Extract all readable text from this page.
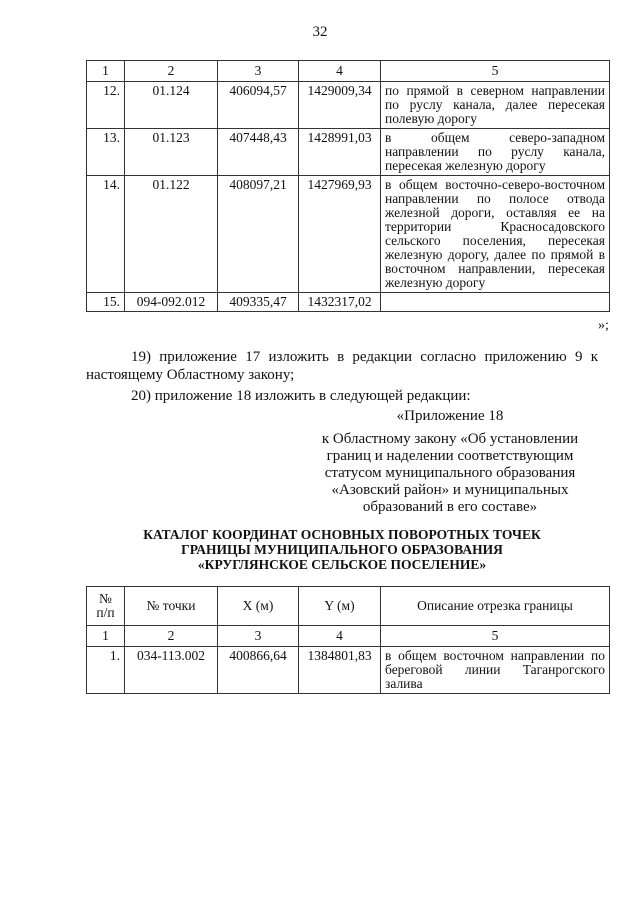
32
1	2	3	4	5
12.	01.124	406094,57	1429009,34	по прямой в северном направлении по руслу канала, далее пересекая полевую дорогу
13.	01.123	407448,43	1428991,03	в общем северо-западном направлении по руслу канала, пересекая железную дорогу
14.	01.122	408097,21	1427969,93	в общем восточно-северо-восточном направлении по полосе отвода железной дороги, оставляя ее на территории Красносадовского сельского поселения, пересекая железную дорогу, далее по прямой в восточном направлении, пересекая железную дорогу
15.	094-092.012	409335,47	1432317,02	
»;
19) приложение 17 изложить в редакции согласно приложению 9 к настоящему Областному закону;
20) приложение 18 изложить в следующей редакции:
«Приложение 18
к Областному закону «Об установлении
границ и наделении соответствующим
статусом муниципального образования
«Азовский район» и муниципальных
образований в его составе»
КАТАЛОГ КООРДИНАТ ОСНОВНЫХ ПОВОРОТНЫХ ТОЧЕК
ГРАНИЦЫ МУНИЦИПАЛЬНОГО ОБРАЗОВАНИЯ
«КРУГЛЯНСКОЕ СЕЛЬСКОЕ ПОСЕЛЕНИЕ»
№
п/п	№ точки	Х (м)	Y (м)	Описание отрезка границы
1	2	3	4	5
1.	034-113.002	400866,64	1384801,83	в общем восточном направлении по береговой линии Таганрогского залива
